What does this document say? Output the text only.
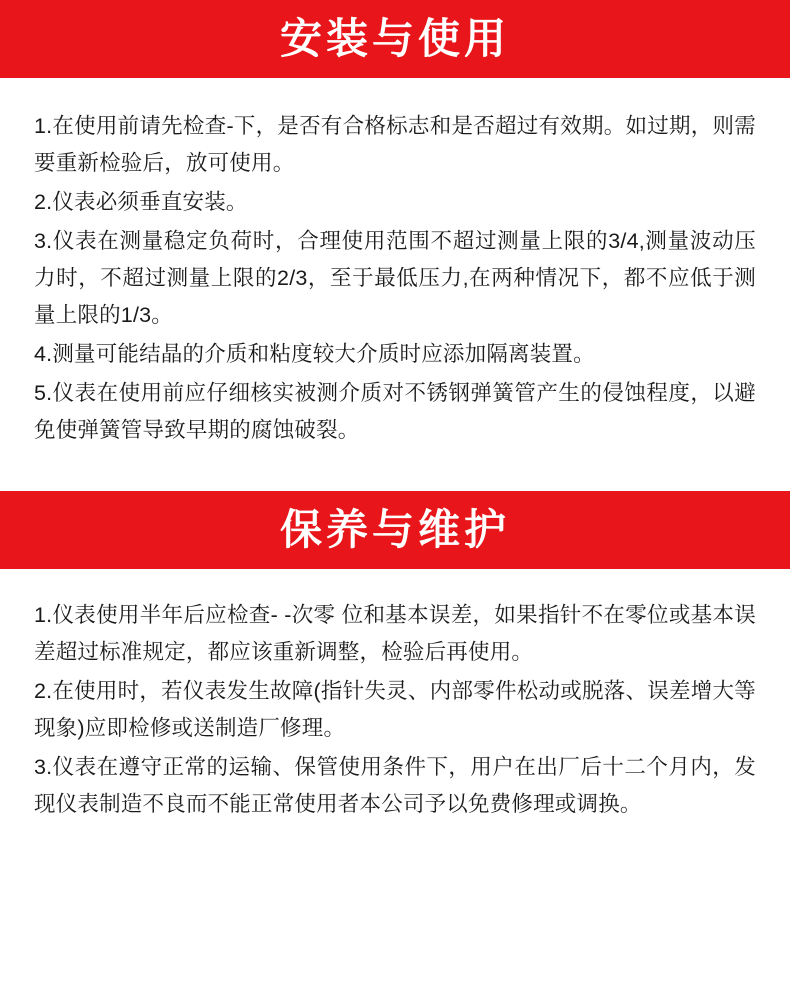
安装与使用

1.在使用前请先检查-下，是否有合格标志和是否超过有效期。如过期，则需要重新检验后，放可使用。

2.仪表必须垂直安装。

3.仪表在测量稳定负荷时，合理使用范围不超过测量上限的3/4,测量波动压力时，不超过测量上限的2/3，至于最低压力,在两种情况下，都不应低于测量上限的1/3。

4.测量可能结晶的介质和粘度较大介质时应添加隔离装置。

5.仪表在使用前应仔细核实被测介质对不锈钢弹簧管产生的侵蚀程度，以避免使弹簧管导致早期的腐蚀破裂。

保养与维护

1.仪表使用半年后应检查- -次零 位和基本误差，如果指针不在零位或基本误差超过标准规定，都应该重新调整，检验后再使用。

2.在使用时，若仪表发生故障(指针失灵、内部零件松动或脱落、误差增大等现象)应即检修或送制造厂修理。

3.仪表在遵守正常的运输、保管使用条件下，用户在出厂后十二个月内，发现仪表制造不良而不能正常使用者本公司予以免费修理或调换。
